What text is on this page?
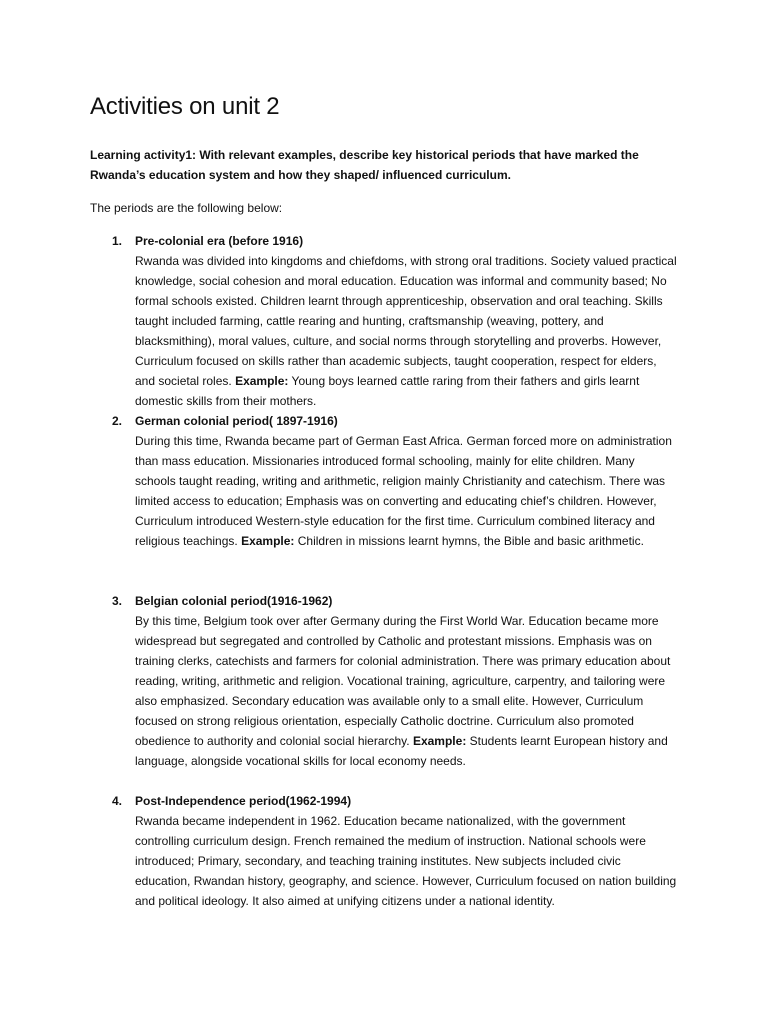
Activities on unit 2

Learning activity1: With relevant examples, describe key historical periods that have marked the Rwanda’s education system and how they shaped/ influenced curriculum.

The periods are the following below:

1.	Pre-colonial era (before 1916)

Rwanda was divided into kingdoms and chiefdoms, with strong oral traditions. Society valued practical knowledge, social cohesion and moral education. Education was informal and community based; No formal schools existed. Children learnt through apprenticeship, observation and oral teaching. Skills taught included farming, cattle rearing and hunting, craftsmanship (weaving, pottery, and blacksmithing), moral values, culture, and social norms through storytelling and proverbs. However, Curriculum focused on skills rather than academic subjects, taught cooperation, respect for elders, and societal roles. Example: Young boys learned cattle raring from their fathers and girls learnt domestic skills from their mothers.

2.	German colonial period( 1897-1916)

During this time, Rwanda became part of German East Africa. German forced more on administration than mass education. Missionaries introduced formal schooling, mainly for elite children. Many schools taught reading, writing and arithmetic, religion mainly Christianity and catechism. There was limited access to education; Emphasis was on converting and educating chief’s children. However, Curriculum introduced Western-style education for the first time. Curriculum combined literacy and religious teachings. Example: Children in missions learnt hymns, the Bible and basic arithmetic.

3.	Belgian colonial period(1916-1962)

By this time, Belgium took over after Germany during the First World War. Education became more widespread but segregated and controlled by Catholic and protestant missions. Emphasis was on training clerks, catechists and farmers for colonial administration. There was primary education about reading, writing, arithmetic and religion. Vocational training, agriculture, carpentry, and tailoring were also emphasized. Secondary education was available only to a small elite. However, Curriculum focused on strong religious orientation, especially Catholic doctrine. Curriculum also promoted obedience to authority and colonial social hierarchy. Example: Students learnt European history and language, alongside vocational skills for local economy needs.

4.	Post-Independence period(1962-1994)

Rwanda became independent in 1962. Education became nationalized, with the government controlling curriculum design. French remained the medium of instruction. National schools were introduced; Primary, secondary, and teaching training institutes. New subjects included civic education, Rwandan history, geography, and science. However, Curriculum focused on nation building and political ideology. It also aimed at unifying citizens under a national identity.
